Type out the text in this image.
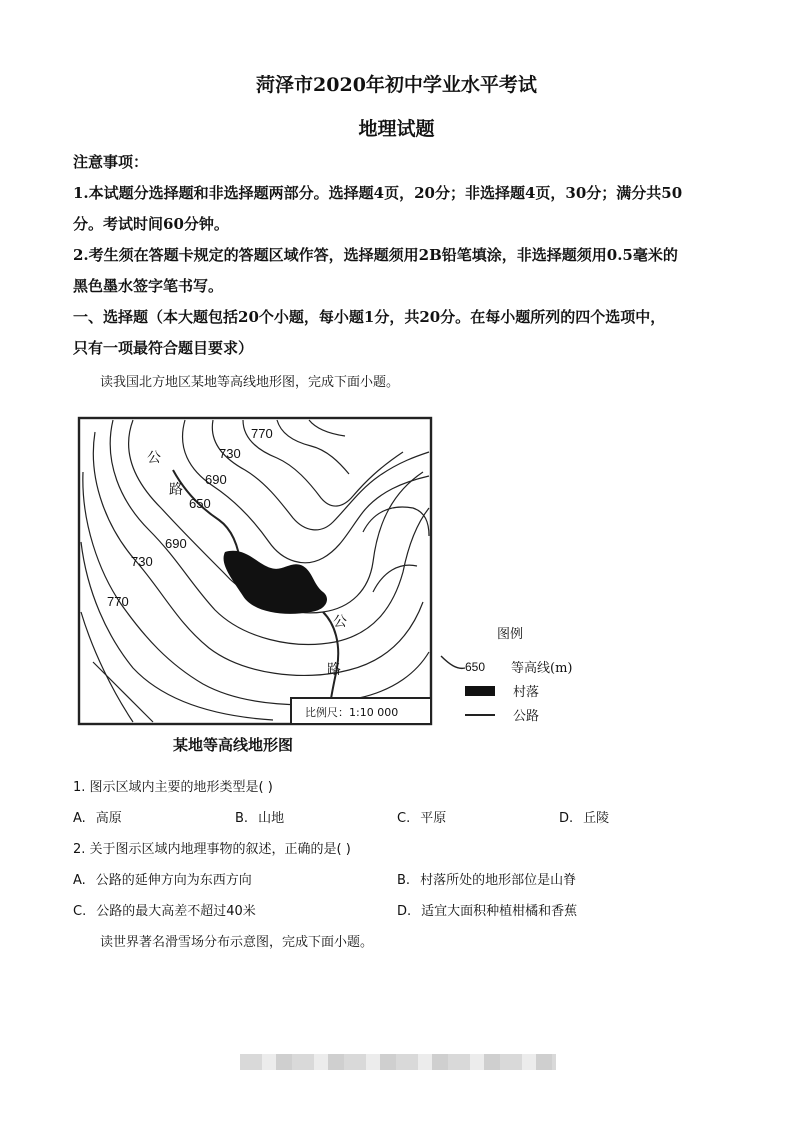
菏泽市2020年初中学业水平考试
地理试题
注意事项：
1.本试题分选择题和非选择题两部分。选择题4页，20分；非选择题4页，30分；满分共50
分。考试时间60分钟。
2.考生须在答题卡规定的答题区域作答，选择题须用2B铅笔填涂，非选择题须用0.5毫米的
黑色墨水签字笔书写。
一、选择题（本大题包括20个小题，每小题1分，共20分。在每小题所列的四个选项中，
只有一项最符合题目要求）
读我国北方地区某地等高线地形图，完成下面小题。
770
730
690
650
690
730
770
公
路
公
路
比例尺：1:10 000
某地等高线地形图
图例
650 等高线(m)
村落
公路
1. 图示区域内主要的地形类型是( )
A. 高原	B. 山地	C. 平原	D. 丘陵
2. 关于图示区域内地理事物的叙述，正确的是( )
A. 公路的延伸方向为东西方向	B. 村落所处的地形部位是山脊
C. 公路的最大高差不超过40米	D. 适宜大面积种植柑橘和香蕉
读世界著名滑雪场分布示意图，完成下面小题。
